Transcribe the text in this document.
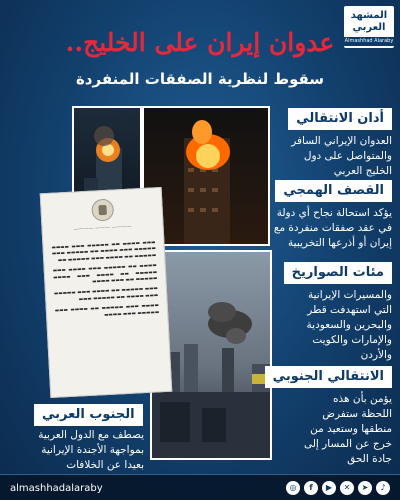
المشهد
العربي
Almashhad Alaraby
عدوان إيران على الخليج..
سقوط لنظرية الصفقات المنفردة
———— ——— ————

▬▬▬ ▬▬▬▬ ▬▬ ▬▬▬▬▬ ▬▬▬ ▬▬▬▬ ▬▬▬▬▬ ▬▬▬ ▬▬▬▬ ▬▬ ▬▬▬▬▬ ▬▬▬ ▬▬▬▬▬ ▬▬ ▬▬▬▬ ▬▬▬ ▬▬▬▬▬ ▬▬

▬▬▬▬ ▬▬ ▬▬▬▬▬ ▬▬▬ ▬▬▬▬ ▬▬▬ ▬▬▬▬▬ ▬▬ ▬▬▬▬ ▬▬▬ ▬▬▬▬ ▬▬▬▬▬ ▬▬ ▬▬▬ ▬▬▬▬

▬▬▬ ▬▬▬▬▬ ▬▬ ▬▬▬▬ ▬▬▬ ▬▬▬▬▬ ▬▬▬ ▬▬▬▬ ▬▬ ▬▬▬▬▬ ▬▬▬

▬▬▬▬ ▬▬▬ ▬▬▬▬▬ ▬▬ ▬▬▬▬ ▬▬▬ ▬▬▬▬▬ ▬▬▬ ▬▬▬▬

أدان الانتقالي
العدوان الإيراني السافر
والمتواصل على دول
الخليج العربي
القصف الهمجي
يؤكد استحالة نجاح أي دولة
في عقد صفقات منفردة مع
إيران أو أذرعها التخريبية
مئات الصواريخ
والمسيرات الإيرانية
التي استهدفت قطر
والبحرين والسعودية
والإمارات والكويت
والأردن
الانتقالي الجنوبي
يؤمن بأن هذه
اللحظة ستفرض
منطقها وستعيد من
خرج عن المسار إلى
جادة الحق
الجنوب العربي
يصطف مع الدول العربية
بمواجهة الأجندة الإيرانية
بعيدا عن الخلافات
almashhadalaraby	◎	f	▶	✕	➤	♪
